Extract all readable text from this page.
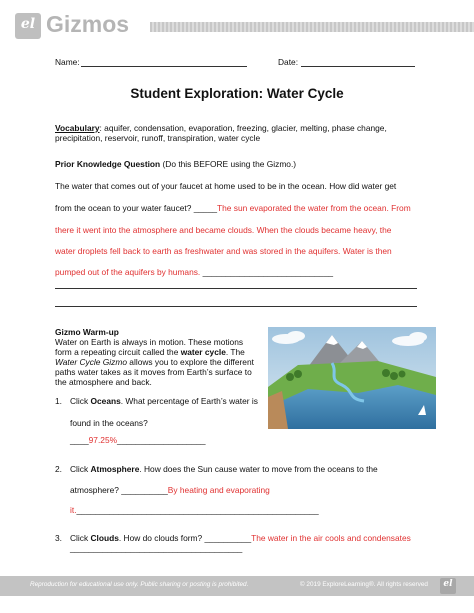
el Gizmos
Name:	Date:
Student Exploration: Water Cycle
Vocabulary: aquifer, condensation, evaporation, freezing, glacier, melting, phase change,
precipitation, reservoir, runoff, transpiration, water cycle
Prior Knowledge Question (Do this BEFORE using the Gizmo.)
The water that comes out of your faucet at home used to be in the ocean. How did water get
from the ocean to your water faucet? _____The sun evaporated the water from the ocean. From
there it went into the atmosphere and became clouds. When the clouds became heavy, the
water droplets fell back to earth as freshwater and was stored in the aquifers. Water is then
pumped out of the aquifers by humans. ____________________________
Gizmo Warm-up
Water on Earth is always in motion. These motions
form a repeating circuit called the water cycle. The
Water Cycle Gizmo allows you to explore the different
paths water takes as it moves from Earth’s surface to
the atmosphere and back.
1. Click Oceans. What percentage of Earth’s water is
found in the oceans?
____97.25%___________________
2. Click Atmosphere. How does the Sun cause water to move from the oceans to the
atmosphere? __________By heating and evaporating
it.____________________________________________________
3. Click Clouds. How do clouds form? __________The water in the air cools and condensates
_____________________________________
Reproduction for educational use only. Public sharing or posting is prohibited.	© 2019 ExploreLearning®. All rights reserved	el
